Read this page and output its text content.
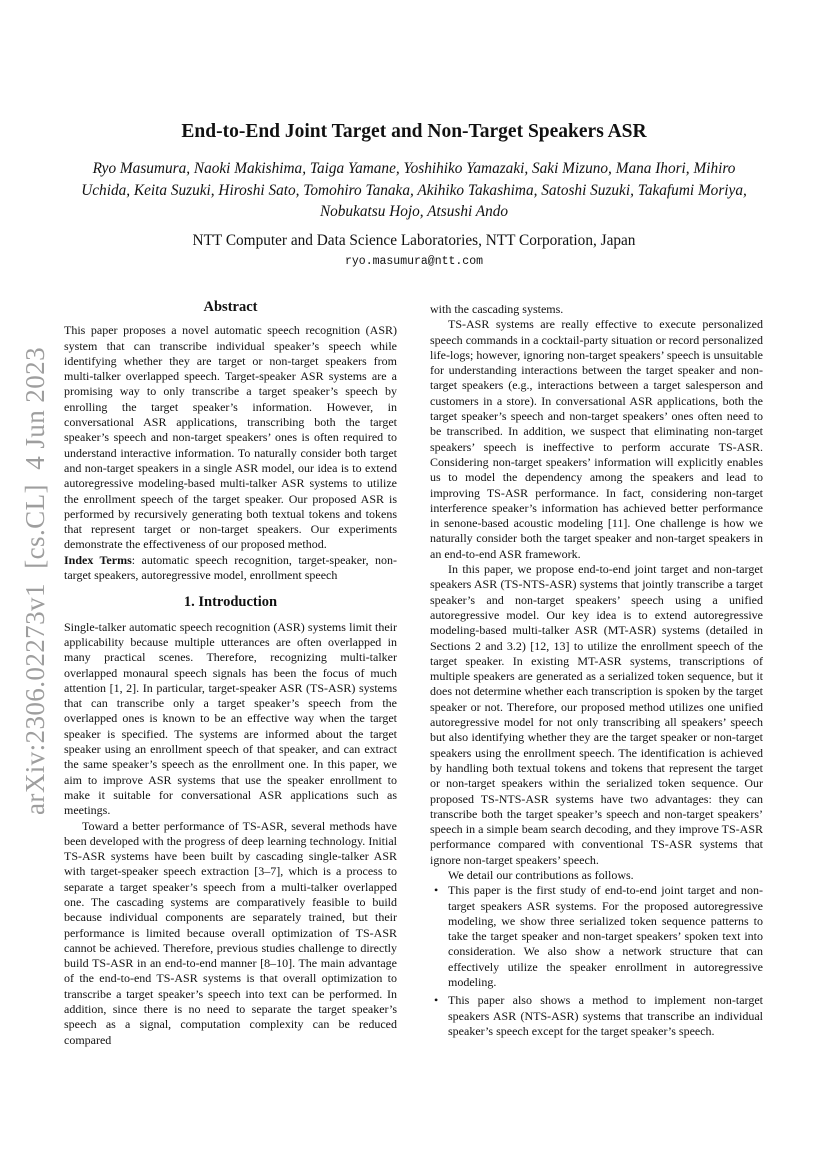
arXiv:2306.02273v1  [cs.CL]  4 Jun 2023
End-to-End Joint Target and Non-Target Speakers ASR

Ryo Masumura, Naoki Makishima, Taiga Yamane, Yoshihiko Yamazaki, Saki Mizuno, Mana Ihori, Mihiro Uchida, Keita Suzuki, Hiroshi Sato, Tomohiro Tanaka, Akihiko Takashima, Satoshi Suzuki, Takafumi Moriya, Nobukatsu Hojo, Atsushi Ando

NTT Computer and Data Science Laboratories, NTT Corporation, Japan

ryo.masumura@ntt.com

Abstract

This paper proposes a novel automatic speech recognition (ASR) system that can transcribe individual speaker’s speech while identifying whether they are target or non-target speakers from multi-talker overlapped speech. Target-speaker ASR systems are a promising way to only transcribe a target speaker’s speech by enrolling the target speaker’s information. However, in conversational ASR applications, transcribing both the target speaker’s speech and non-target speakers’ ones is often required to understand interactive information. To naturally consider both target and non-target speakers in a single ASR model, our idea is to extend autoregressive modeling-based multi-talker ASR systems to utilize the enrollment speech of the target speaker. Our proposed ASR is performed by recursively generating both textual tokens and tokens that represent target or non-target speakers. Our experiments demonstrate the effectiveness of our proposed method.

Index Terms: automatic speech recognition, target-speaker, non-target speakers, autoregressive model, enrollment speech

1. Introduction

Single-talker automatic speech recognition (ASR) systems limit their applicability because multiple utterances are often overlapped in many practical scenes. Therefore, recognizing multi-talker overlapped monaural speech signals has been the focus of much attention [1, 2]. In particular, target-speaker ASR (TS-ASR) systems that can transcribe only a target speaker’s speech from the overlapped ones is known to be an effective way when the target speaker is specified. The systems are informed about the target speaker using an enrollment speech of that speaker, and can extract the same speaker’s speech as the enrollment one. In this paper, we aim to improve ASR systems that use the speaker enrollment to make it suitable for conversational ASR applications such as meetings.

Toward a better performance of TS-ASR, several methods have been developed with the progress of deep learning technology. Initial TS-ASR systems have been built by cascading single-talker ASR with target-speaker speech extraction [3–7], which is a process to separate a target speaker’s speech from a multi-talker overlapped one. The cascading systems are comparatively feasible to build because individual components are separately trained, but their performance is limited because overall optimization of TS-ASR cannot be achieved. Therefore, previous studies challenge to directly build TS-ASR in an end-to-end manner [8–10]. The main advantage of the end-to-end TS-ASR systems is that overall optimization to transcribe a target speaker’s speech into text can be performed. In addition, since there is no need to separate the target speaker’s speech as a signal, computation complexity can be reduced compared

with the cascading systems.

TS-ASR systems are really effective to execute personalized speech commands in a cocktail-party situation or record personalized life-logs; however, ignoring non-target speakers’ speech is unsuitable for understanding interactions between the target speaker and non-target speakers (e.g., interactions between a target salesperson and customers in a store). In conversational ASR applications, both the target speaker’s speech and non-target speakers’ ones often need to be transcribed. In addition, we suspect that eliminating non-target speakers’ speech is ineffective to perform accurate TS-ASR. Considering non-target speakers’ information will explicitly enables us to model the dependency among the speakers and lead to improving TS-ASR performance. In fact, considering non-target interference speaker’s information has achieved better performance in senone-based acoustic modeling [11]. One challenge is how we naturally consider both the target speaker and non-target speakers in an end-to-end ASR framework.

In this paper, we propose end-to-end joint target and non-target speakers ASR (TS-NTS-ASR) systems that jointly transcribe a target speaker’s and non-target speakers’ speech using a unified autoregressive model. Our key idea is to extend autoregressive modeling-based multi-talker ASR (MT-ASR) systems (detailed in Sections 2 and 3.2) [12, 13] to utilize the enrollment speech of the target speaker. In existing MT-ASR systems, transcriptions of multiple speakers are generated as a serialized token sequence, but it does not determine whether each transcription is spoken by the target speaker or not. Therefore, our proposed method utilizes one unified autoregressive model for not only transcribing all speakers’ speech but also identifying whether they are the target speaker or non-target speakers using the enrollment speech. The identification is achieved by handling both textual tokens and tokens that represent the target or non-target speakers within the serialized token sequence. Our proposed TS-NTS-ASR systems have two advantages: they can transcribe both the target speaker’s speech and non-target speakers’ speech in a simple beam search decoding, and they improve TS-ASR performance compared with conventional TS-ASR systems that ignore non-target speakers’ speech.

We detail our contributions as follows.

• This paper is the first study of end-to-end joint target and non-target speakers ASR systems. For the proposed autoregressive modeling, we show three serialized token sequence patterns to take the target speaker and non-target speakers’ spoken text into consideration. We also show a network structure that can effectively utilize the speaker enrollment in autoregressive modeling.
• This paper also shows a method to implement non-target speakers ASR (NTS-ASR) systems that transcribe an individual speaker’s speech except for the target speaker’s speech.
